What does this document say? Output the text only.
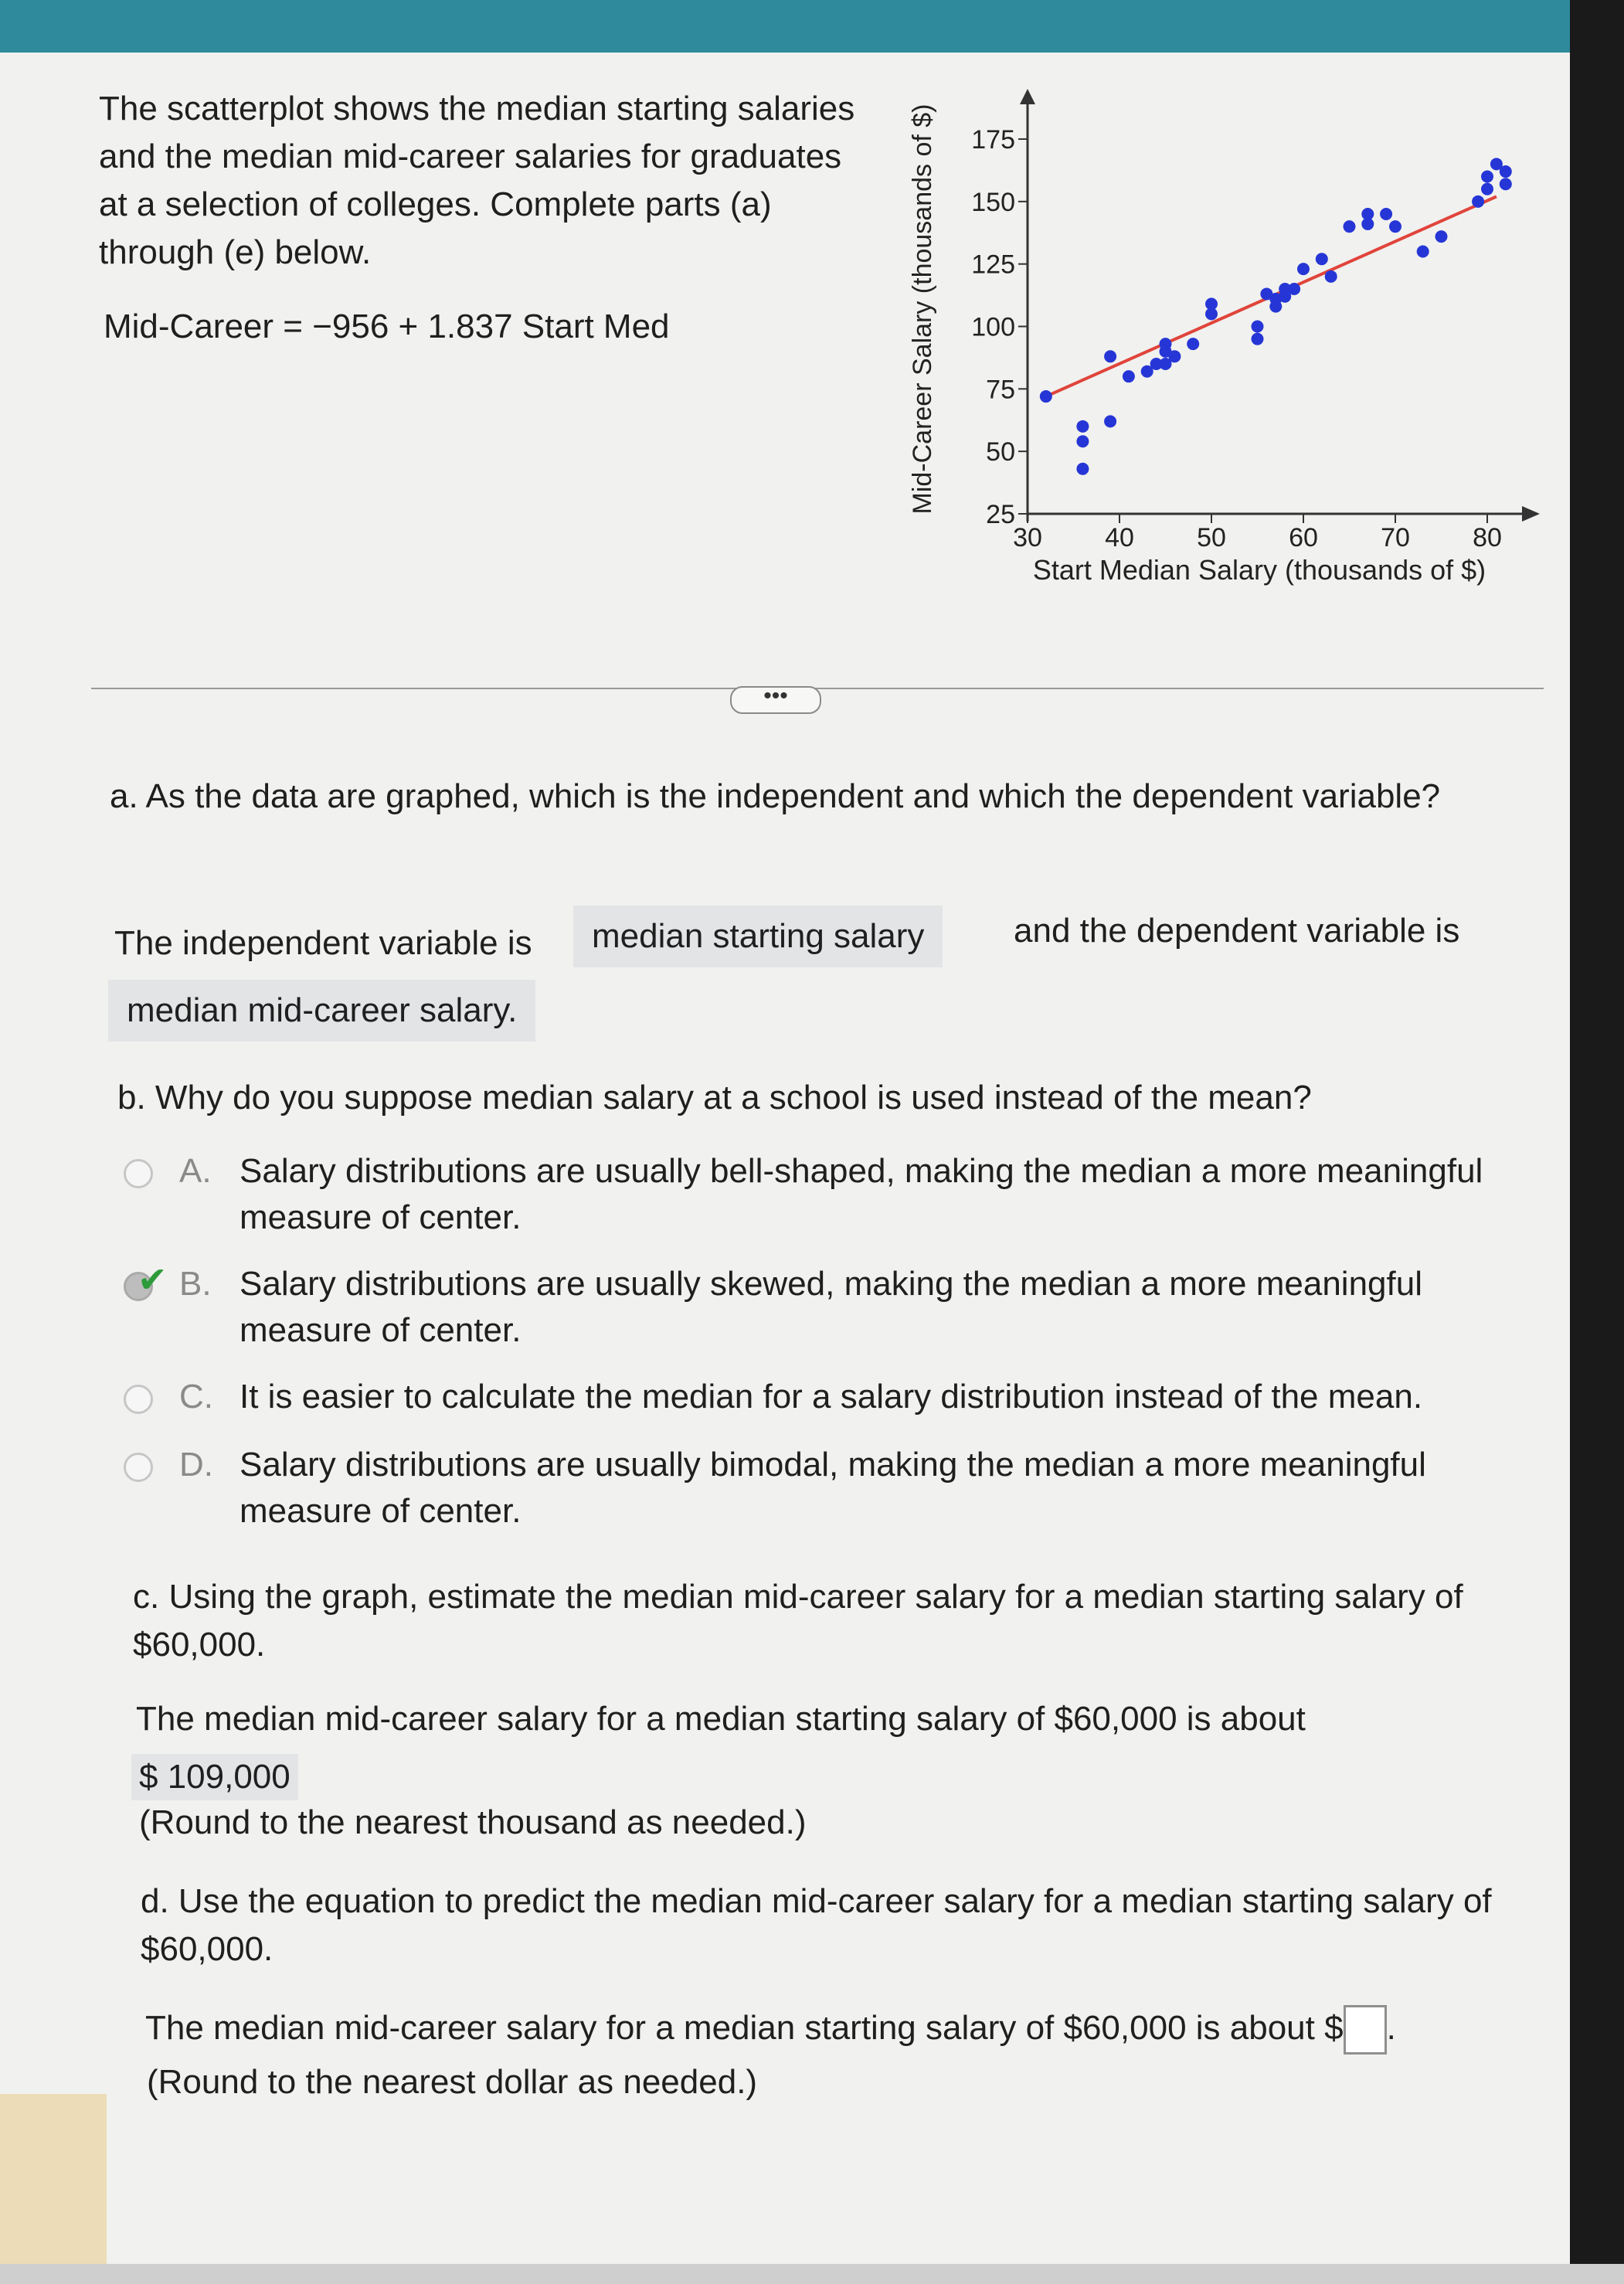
The scatterplot shows the median starting salaries and the median mid-career salaries for graduates at a selection of colleges. Complete parts (a) through (e) below.
Mid-Career = −956 + 1.837 Start Med
25
50
75
100
125
150
175
30 40 50 60 70 80
Mid-Career Salary (thousands of $)
Start Median Salary (thousands of $)
•••
a. As the data are graphed, which is the independent and which the dependent variable?
The independent variable is	median starting salary	and the dependent variable is
median mid-career salary.
b. Why do you suppose median salary at a school is used instead of the mean?
A. Salary distributions are usually bell-shaped, making the median a more meaningful measure of center.
✔ B. Salary distributions are usually skewed, making the median a more meaningful measure of center.
C. It is easier to calculate the median for a salary distribution instead of the mean.
D. Salary distributions are usually bimodal, making the median a more meaningful measure of center.
c. Using the graph, estimate the median mid-career salary for a median starting salary of $60,000.
The median mid-career salary for a median starting salary of $60,000 is about
$ 109,000
(Round to the nearest thousand as needed.)
d. Use the equation to predict the median mid-career salary for a median starting salary of $60,000.
The median mid-career salary for a median starting salary of $60,000 is about $ .
(Round to the nearest dollar as needed.)
